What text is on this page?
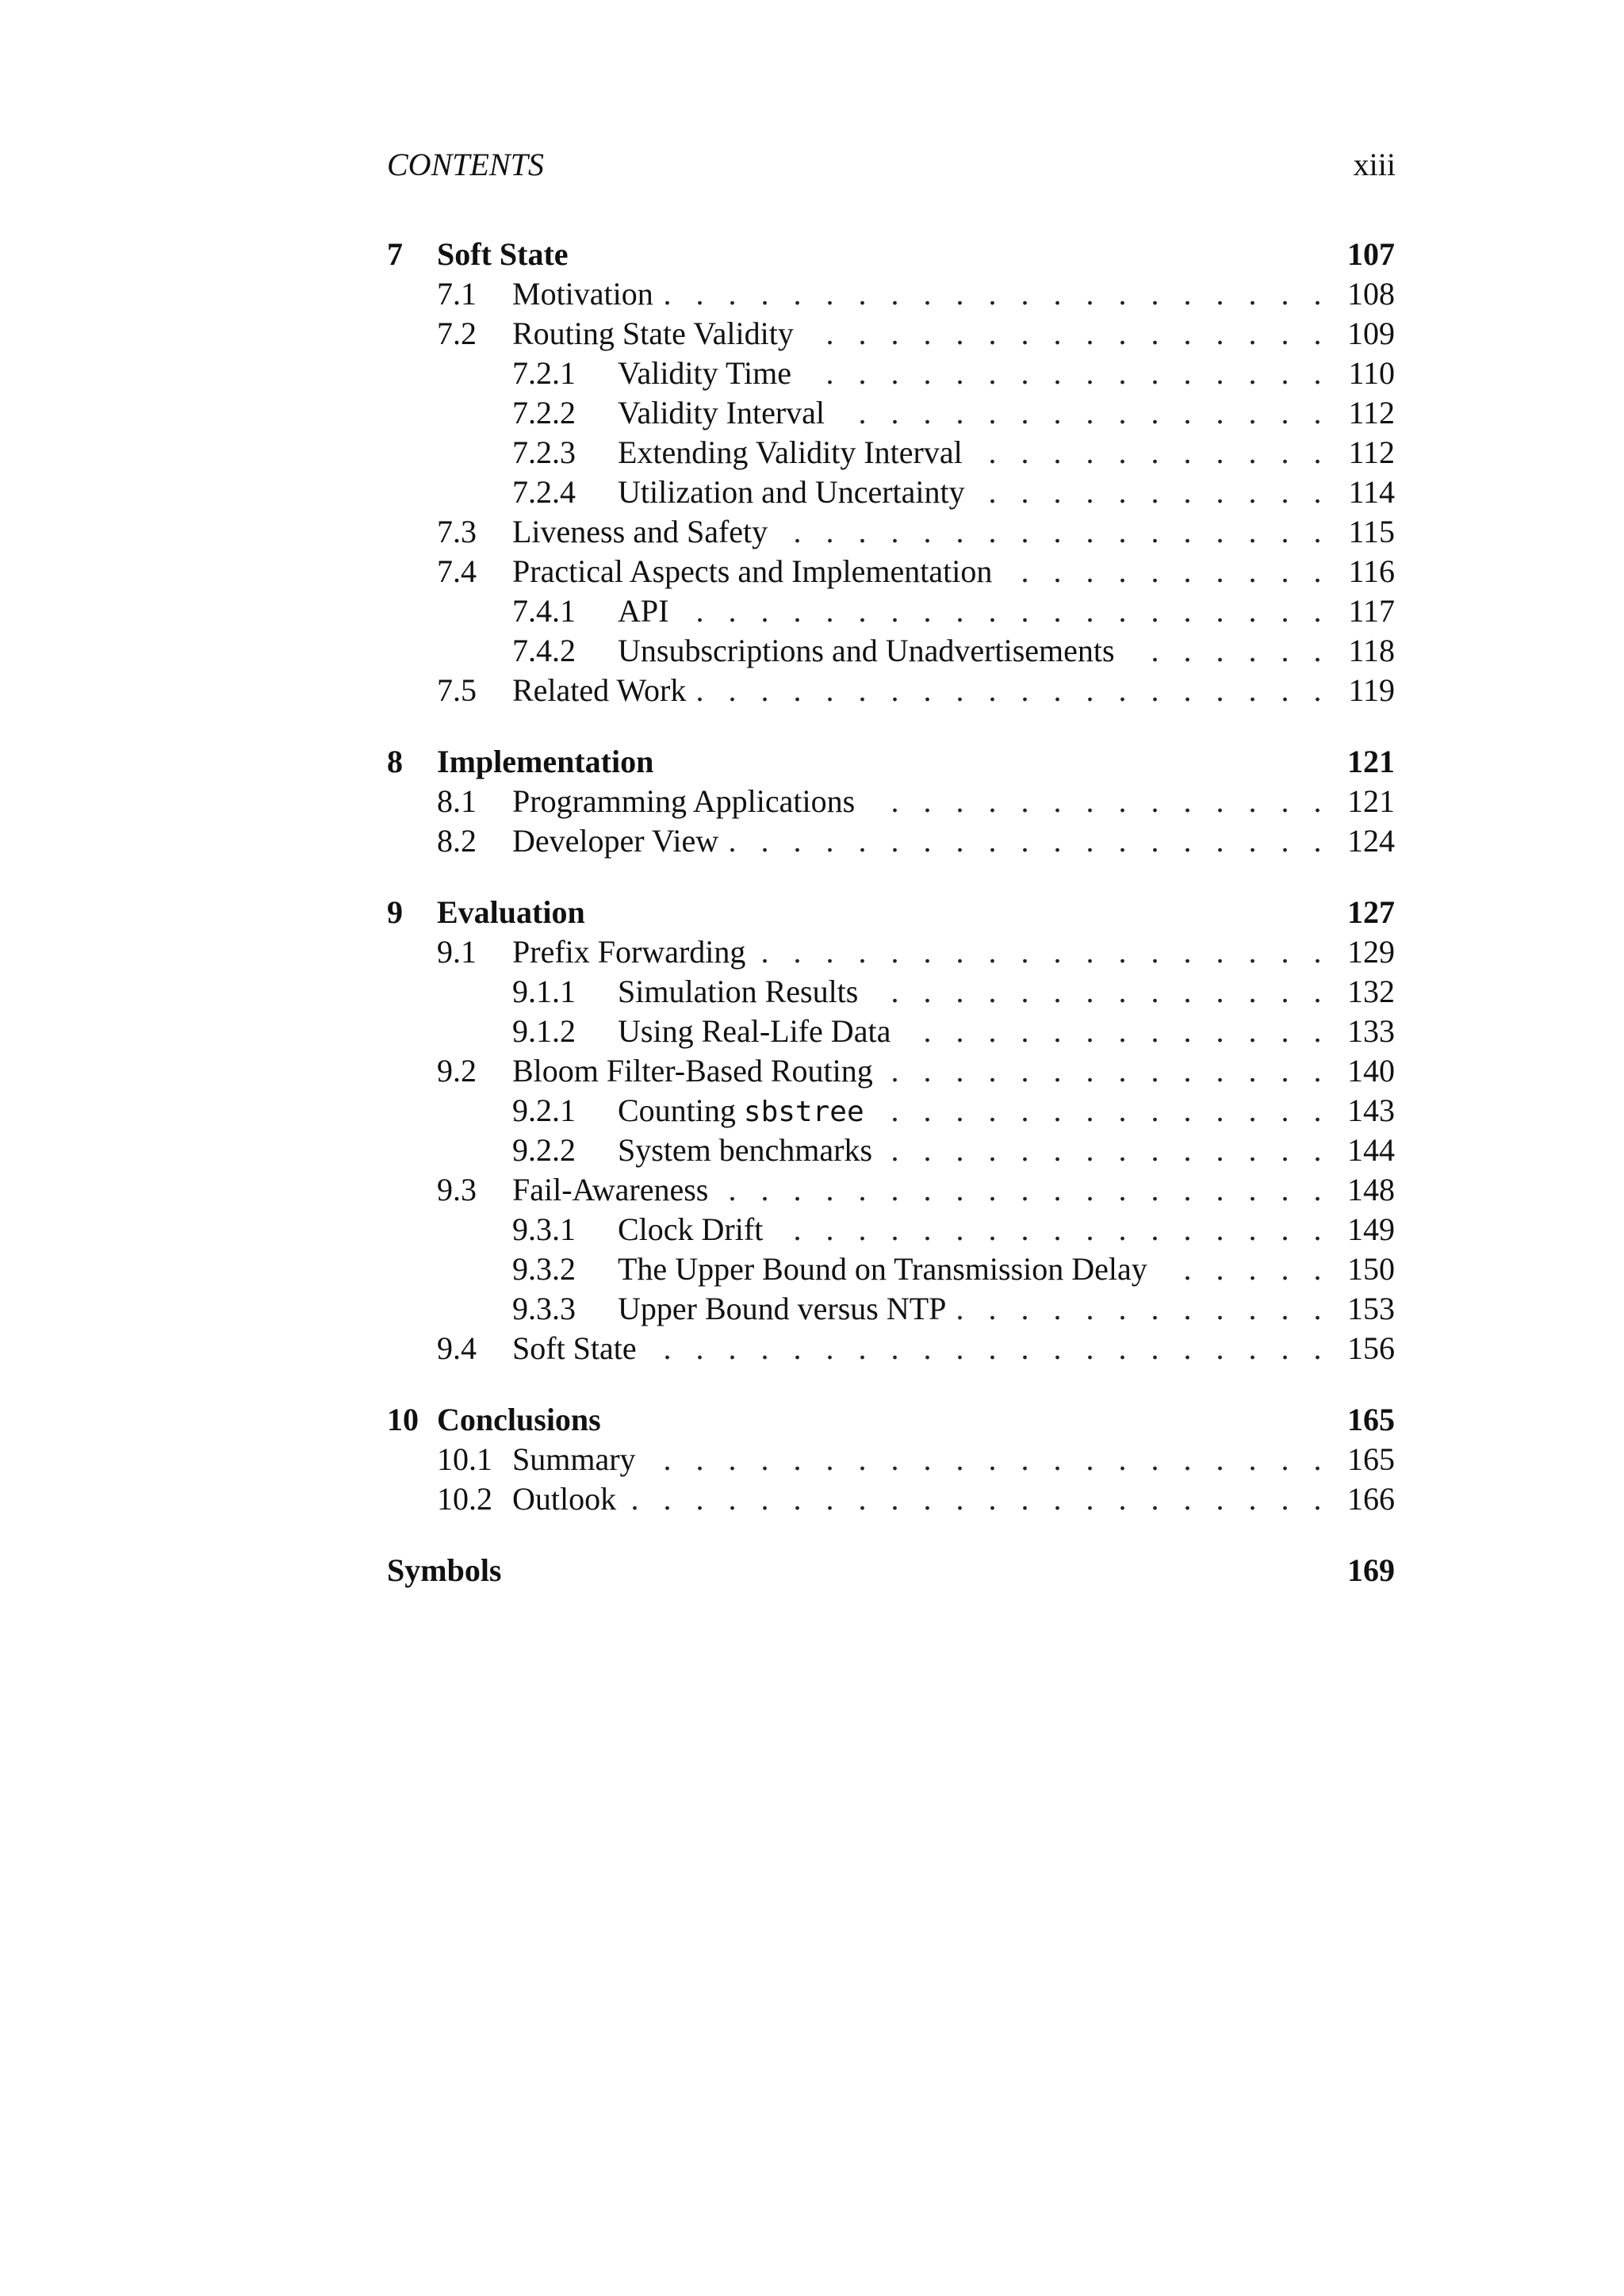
CONTENTS	xiii
7 Soft State	107
. . .
7.1 Motivation	108
. . .
7.2 Routing State Validity	109
. . .
7.2.1 Validity Time	110
. . .
7.2.2 Validity Interval	112
. . .
7.2.3 Extending Validity Interval	112
. . .
7.2.4 Utilization and Uncertainty	114
. . .
7.3 Liveness and Safety	115
. . .
7.4 Practical Aspects and Implementation	116
. . .
7.4.1 API	117
. . .
7.4.2 Unsubscriptions and Unadvertisements	118
. . .
7.5 Related Work	119
8 Implementation	121
. . .
8.1 Programming Applications	121
. . .
8.2 Developer View	124
9 Evaluation	127
. . .
9.1 Prefix Forwarding	129
. . .
9.1.1 Simulation Results	132
. . .
9.1.2 Using Real-Life Data	133
. . .
9.2 Bloom Filter-Based Routing	140
. . .
9.2.1 Counting sbstree	143
. . .
9.2.2 System benchmarks	144
. . .
9.3 Fail-Awareness	148
. . .
9.3.1 Clock Drift	149
. . .
9.3.2 The Upper Bound on Transmission Delay	150
. . .
9.3.3 Upper Bound versus NTP	153
. . .
9.4 Soft State	156
10 Conclusions	165
. . .
10.1 Summary	165
. . .
10.2 Outlook	166
Symbols	169
